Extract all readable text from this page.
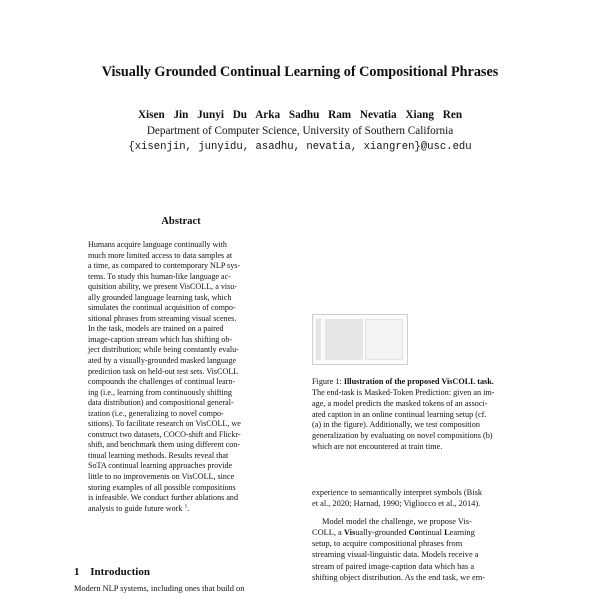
Visually Grounded Continual Learning of Compositional Phrases
Xisen Jin Junyi Du Arka Sadhu Ram Nevatia Xiang Ren
Department of Computer Science, University of Southern California
{xisenjin, junyidu, asadhu, nevatia, xiangren}@usc.edu
Abstract

Humans acquire language continually with

much more limited access to data samples at

a time, as compared to contemporary NLP sys-

tems. To study this human-like language ac-

quisition ability, we present VisCOLL, a visu-

ally grounded language learning task, which

simulates the continual acquisition of compo-

sitional phrases from streaming visual scenes.

In the task, models are trained on a paired

image-caption stream which has shifting ob-

ject distribution; while being constantly evalu-

ated by a visually-grounded masked language

prediction task on held-out test sets. VisCOLL

compounds the challenges of continual learn-

ing (i.e., learning from continuously shifting

data distribution) and compositional general-

ization (i.e., generalizing to novel compo-

sitions). To facilitate research on VisCOLL, we

construct two datasets, COCO-shift and Flickr-

shift, and benchmark them using different con-

tinual learning methods. Results reveal that

SoTA continual learning approaches provide

little to no improvements on VisCOLL, since

storing examples of all possible compositions

is infeasible. We conduct further ablations and

analysis to guide future work $^1$.

1 Introduction

Modern NLP systems, including ones that build on

Figure 1: Illustration of the proposed VisCOLL task.

The end-task is Masked-Token Prediction: given an im-

age, a model predicts the masked tokens of an associ-

ated caption in an online continual learning setup (cf.

(a) in the figure). Additionally, we test composition

generalization by evaluating on novel compositions (b)

which are not encountered at train time.

experience to semantically interpret symbols (Bisk

et al., 2020; Harnad, 1990; Vigliocco et al., 2014).

Model model the challenge, we propose Vis-

COLL, a Visually-grounded Continual Learning

setup, to acquire compositional phrases from

streaming visual-linguistic data. Models receive a

stream of paired image-caption data which has a

shifting object distribution. As the end task, we em-
